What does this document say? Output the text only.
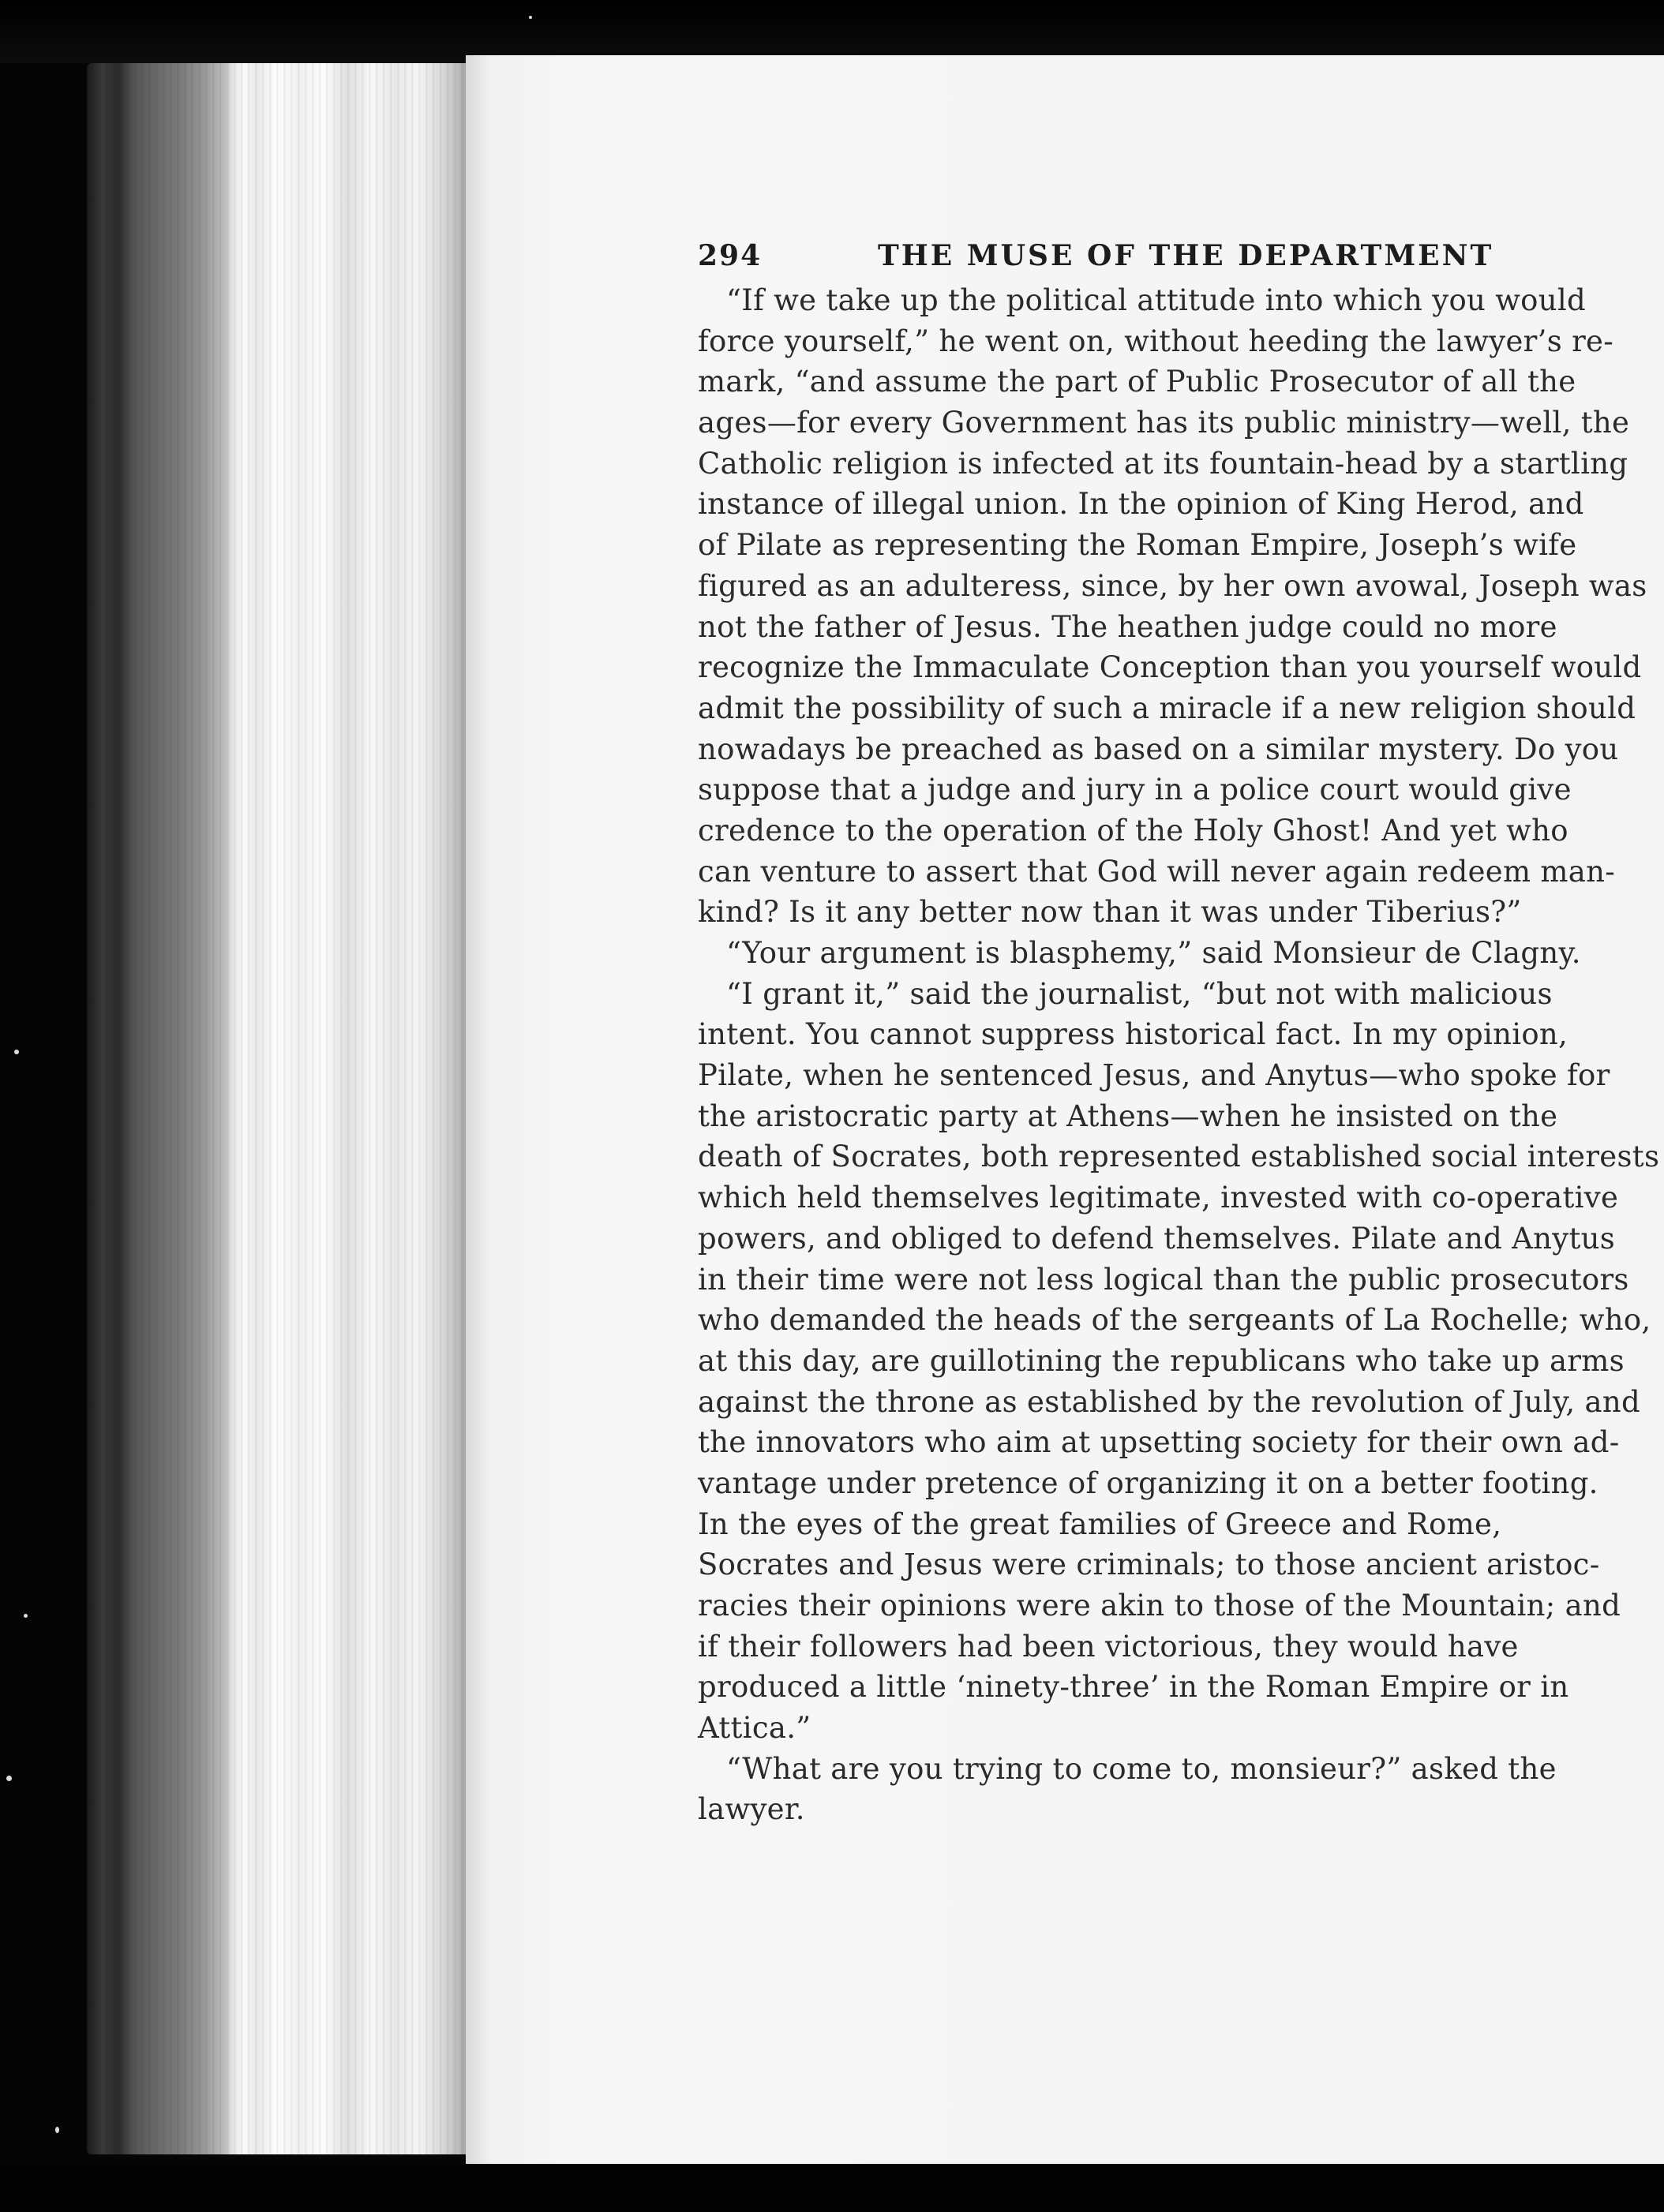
294	THE MUSE OF THE DEPARTMENT
“If we take up the political attitude into which you would
force yourself,” he went on, without heeding the lawyer’s re-
mark, “and assume the part of Public Prosecutor of all the
ages—for every Government has its public ministry—well, the
Catholic religion is infected at its fountain-head by a startling
instance of illegal union. In the opinion of King Herod, and
of Pilate as representing the Roman Empire, Joseph’s wife
figured as an adulteress, since, by her own avowal, Joseph was
not the father of Jesus. The heathen judge could no more
recognize the Immaculate Conception than you yourself would
admit the possibility of such a miracle if a new religion should
nowadays be preached as based on a similar mystery. Do you
suppose that a judge and jury in a police court would give
credence to the operation of the Holy Ghost! And yet who
can venture to assert that God will never again redeem man-
kind? Is it any better now than it was under Tiberius?”
“Your argument is blasphemy,” said Monsieur de Clagny.
“I grant it,” said the journalist, “but not with malicious
intent. You cannot suppress historical fact. In my opinion,
Pilate, when he sentenced Jesus, and Anytus—who spoke for
the aristocratic party at Athens—when he insisted on the
death of Socrates, both represented established social interests
which held themselves legitimate, invested with co-operative
powers, and obliged to defend themselves. Pilate and Anytus
in their time were not less logical than the public prosecutors
who demanded the heads of the sergeants of La Rochelle; who,
at this day, are guillotining the republicans who take up arms
against the throne as established by the revolution of July, and
the innovators who aim at upsetting society for their own ad-
vantage under pretence of organizing it on a better footing.
In the eyes of the great families of Greece and Rome,
Socrates and Jesus were criminals; to those ancient aristoc-
racies their opinions were akin to those of the Mountain; and
if their followers had been victorious, they would have
produced a little ‘ninety-three’ in the Roman Empire or in
Attica.”
“What are you trying to come to, monsieur?” asked the
lawyer.
